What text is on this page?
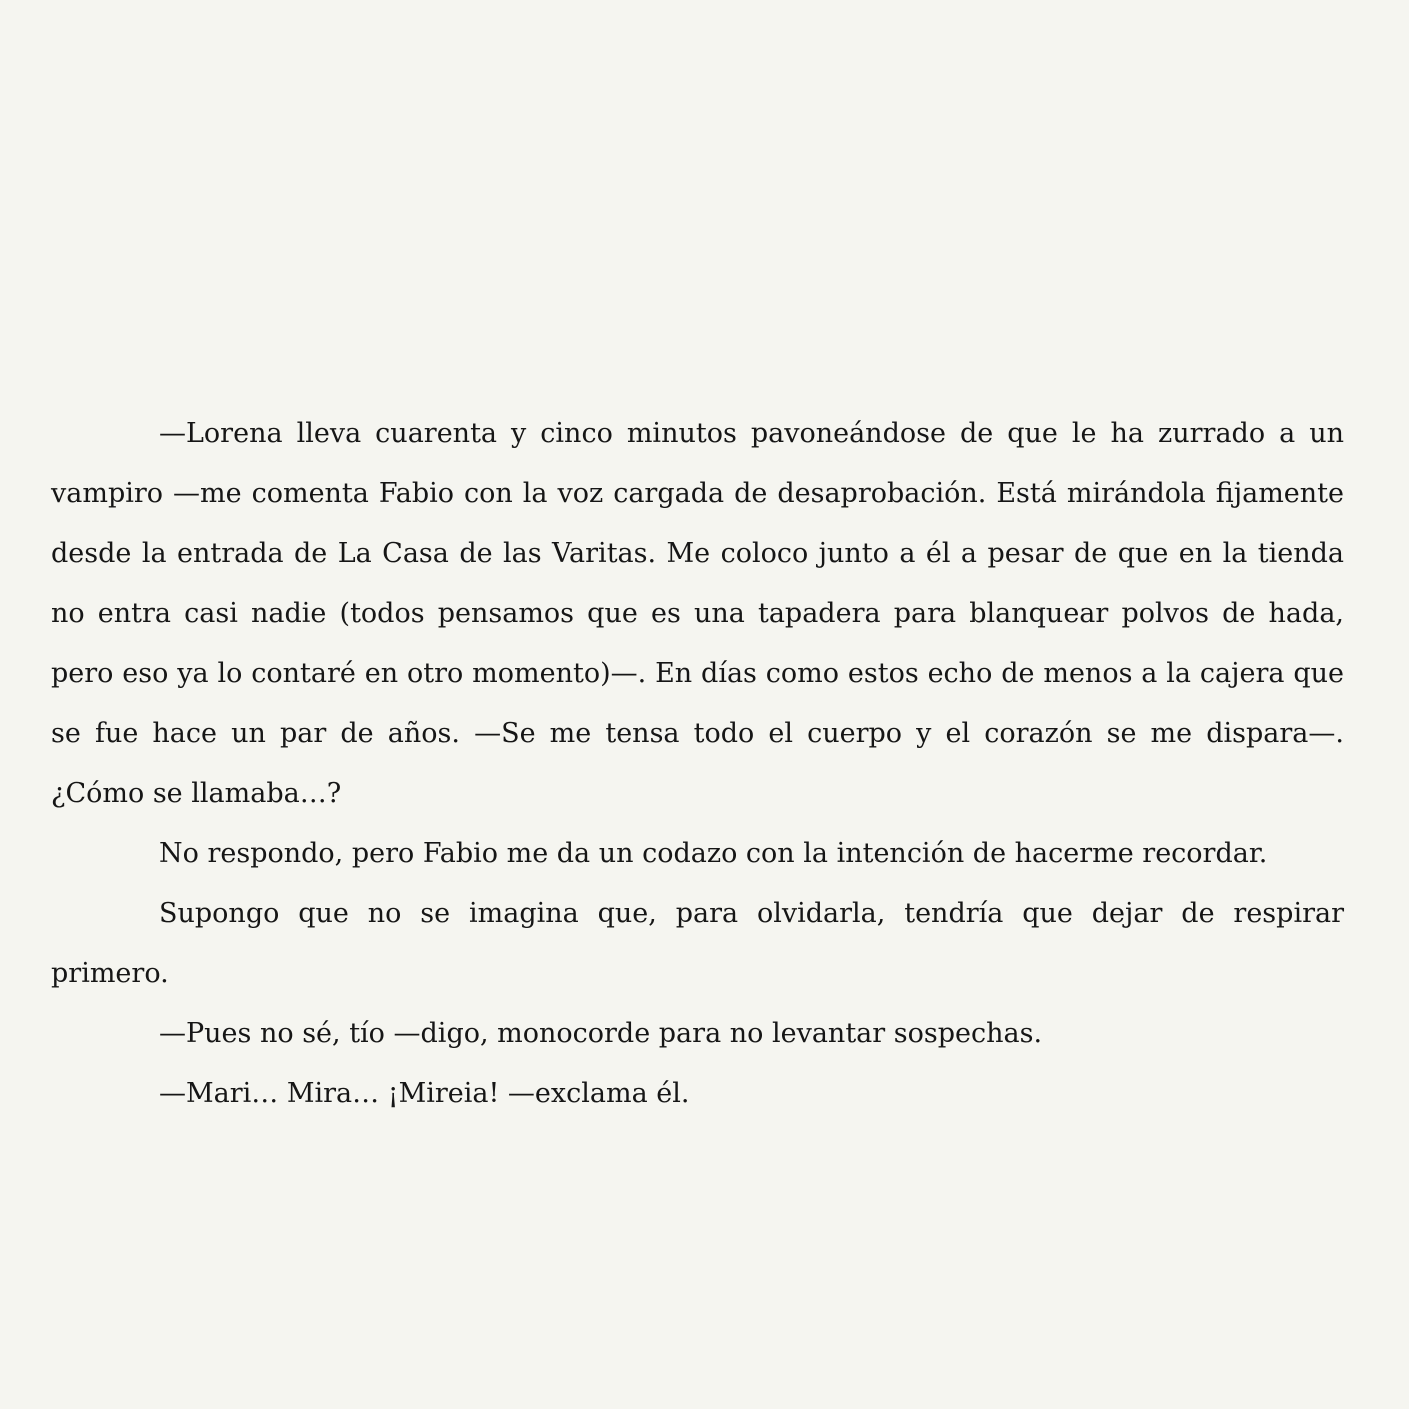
—Lorena lleva cuarenta y cinco minutos pavoneándose de que le ha zurrado a un vampiro —me comenta Fabio con la voz cargada de desaprobación. Está mirándola fijamente desde la entrada de La Casa de las Varitas. Me coloco junto a él a pesar de que en la tienda no entra casi nadie (todos pensamos que es una tapadera para blanquear polvos de hada, pero eso ya lo contaré en otro momento)—. En días como estos echo de menos a la cajera que se fue hace un par de años. —Se me tensa todo el cuerpo y el corazón se me dispara—. ¿Cómo se llamaba…?

No respondo, pero Fabio me da un codazo con la intención de hacerme recordar.

Supongo que no se imagina que, para olvidarla, tendría que dejar de respirar primero.

—Pues no sé, tío —digo, monocorde para no levantar sospechas.

—Mari… Mira… ¡Mireia! —exclama él.
